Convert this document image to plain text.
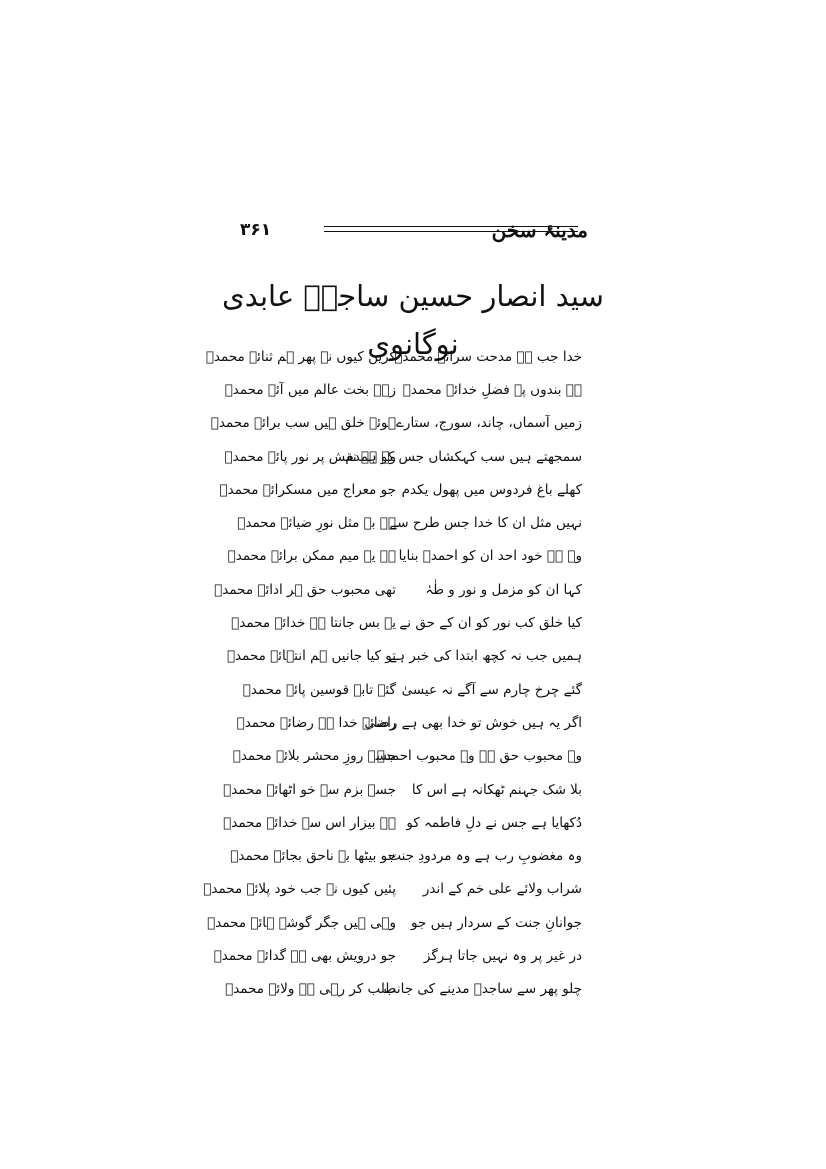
۳۶۱	مدینۂ سخن
سید انصار حسین ساجدؔ عابدی نوگانوی
خدا جب ہے مدحت سرائے محمدؐ
کریں کیوں نہ پھر ہم ثنائے محمدؐ
ہے بندوں پہ فضلِ خدائے محمدؐ
زہے بخت عالم میں آئے محمدؐ
زمیں آسماں، چاند، سورج، ستارے
ہوئے خلق ہیں سب برائے محمدؐ
سمجھتے ہیں سب کہکشاں جس کو ہمدم
وہ ہے نقش پر نور پائے محمدؐ
کھلے باغ فردوس میں پھول یکدم
جو معراج میں مسکرائے محمدؐ
نہیں مثل ان کا خدا جس طرح سے
ہے بے مثل نورِ ضیائے محمدؐ
وہ ہے خود احد ان کو احمدؐ بنایا
ہے یہ میم ممکن برائے محمدؐ
کہا ان کو مزمل و نور و طٰہٰ
تھی محبوب حق ہر ادائے محمدؐ
کیا خلق کب نور کو ان کے حق نے
یہ بس جانتا ہے خدائے محمدؐ
ہمیں جب نہ کچھ ابتدا کی خبر ہے
تو کیا جانیں ہم انتہائے محمدؐ
گئے چرخ چارم سے آگے نہ عیسیٰ
گئے تابہ قوسین پائے محمدؐ
اگر یہ ہیں خوش تو خدا بھی ہے راضی
رضائے خدا ہے رضائے محمدؐ
وہ محبوب حق ہے وہ محبوب احمدؐ
جسے روزِ محشر بلائے محمدؐ
بلا شک جہنم ٹھکانہ ہے اس کا
جسے بزم سے خو اٹھائے محمدؐ
دُکھایا ہے جس نے دلِ فاطمہ کو
ہے بیزار اس سے خدائے محمدؐ
وہ مغضوبِ رب ہے وہ مردودِ جنت
جو بیٹھا بہ ناحق بجائے محمدؐ
شراب ولائے علی خم کے اندر
پئیں کیوں نہ جب خود پلائے محمدؐ
جوانانِ جنت کے سردار ہیں جو
وہی ہیں جگر گوشہ ہائے محمدؐ
در غیر پر وہ نہیں جاتا ہرگز
جو درویش بھی ہے گدائے محمدؐ
چلو پھر سے ساجدؔ مدینے کی جانب
طلب کر رہی ہے ولائے محمدؐ
